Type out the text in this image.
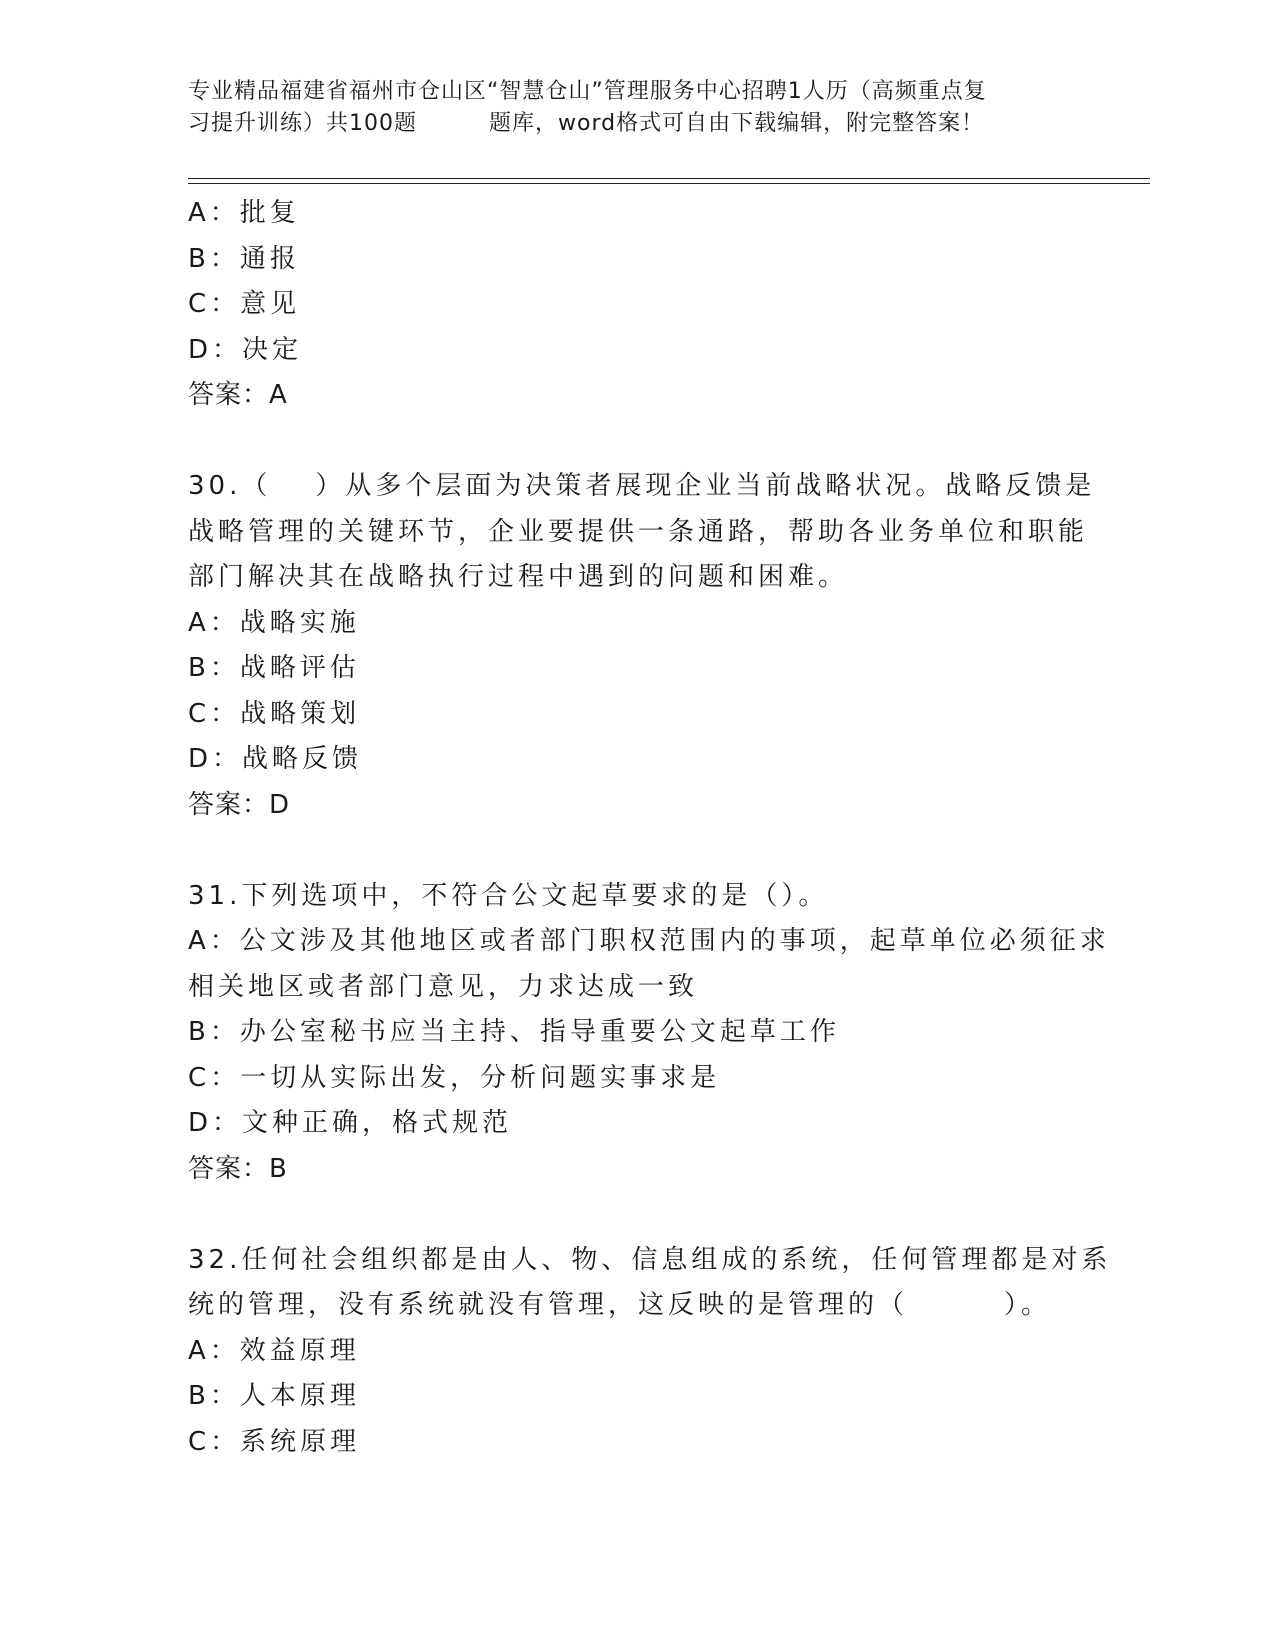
专业精品福建省福州市仓山区“智慧仓山”管理服务中心招聘1人历（高频重点复
习提升训练）共100题	题库，word格式可自由下载编辑，附完整答案！
A：批复
B：通报
C：意见
D：决定
答案：A
30.（ ）从多个层面为决策者展现企业当前战略状况。战略反馈是
战略管理的关键环节，企业要提供一条通路，帮助各业务单位和职能
部门解决其在战略执行过程中遇到的问题和困难。
A：战略实施
B：战略评估
C：战略策划
D：战略反馈
答案：D
31.下列选项中，不符合公文起草要求的是（）。
A：公文涉及其他地区或者部门职权范围内的事项，起草单位必须征求
相关地区或者部门意见，力求达成一致
B：办公室秘书应当主持、指导重要公文起草工作
C：一切从实际出发，分析问题实事求是
D：文种正确，格式规范
答案：B
32.任何社会组织都是由人、物、信息组成的系统，任何管理都是对系
统的管理，没有系统就没有管理，这反映的是管理的（	）。
A：效益原理
B：人本原理
C：系统原理
